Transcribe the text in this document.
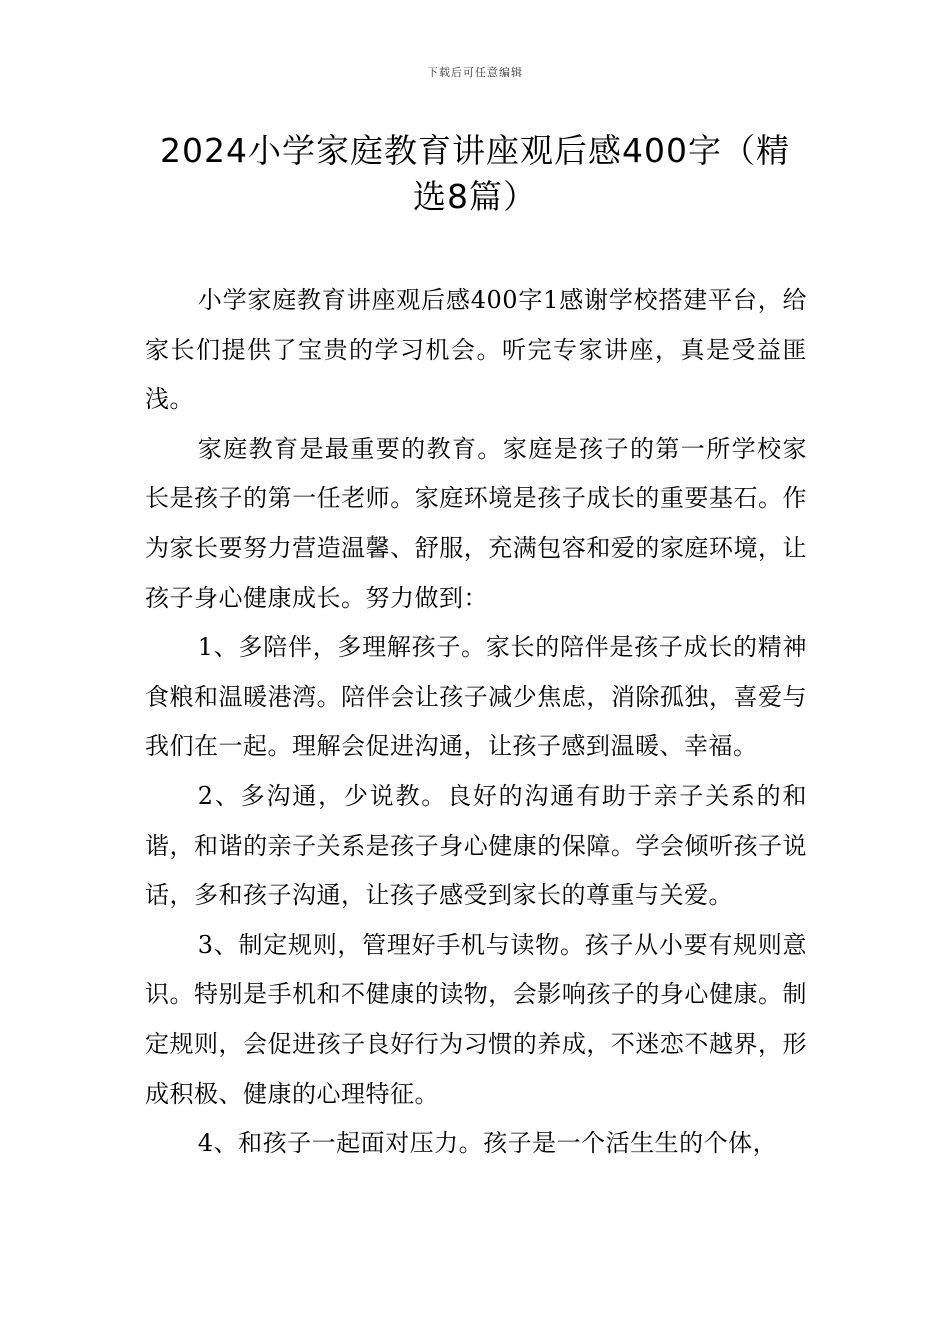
下载后可任意编辑
2024小学家庭教育讲座观后感400字（精选8篇）

小学家庭教育讲座观后感400字1感谢学校搭建平台，给家长们提供了宝贵的学习机会。听完专家讲座，真是受益匪浅。

家庭教育是最重要的教育。家庭是孩子的第一所学校家长是孩子的第一任老师。家庭环境是孩子成长的重要基石。作为家长要努力营造温馨、舒服，充满包容和爱的家庭环境，让孩子身心健康成长。努力做到：

1、多陪伴，多理解孩子。家长的陪伴是孩子成长的精神食粮和温暖港湾。陪伴会让孩子减少焦虑，消除孤独，喜爱与我们在一起。理解会促进沟通，让孩子感到温暖、幸福。

2、多沟通，少说教。良好的沟通有助于亲子关系的和谐，和谐的亲子关系是孩子身心健康的保障。学会倾听孩子说话，多和孩子沟通，让孩子感受到家长的尊重与关爱。

3、制定规则，管理好手机与读物。孩子从小要有规则意识。特别是手机和不健康的读物，会影响孩子的身心健康。制定规则，会促进孩子良好行为习惯的养成，不迷恋不越界，形成积极、健康的心理特征。

4、和孩子一起面对压力。孩子是一个活生生的个体，
